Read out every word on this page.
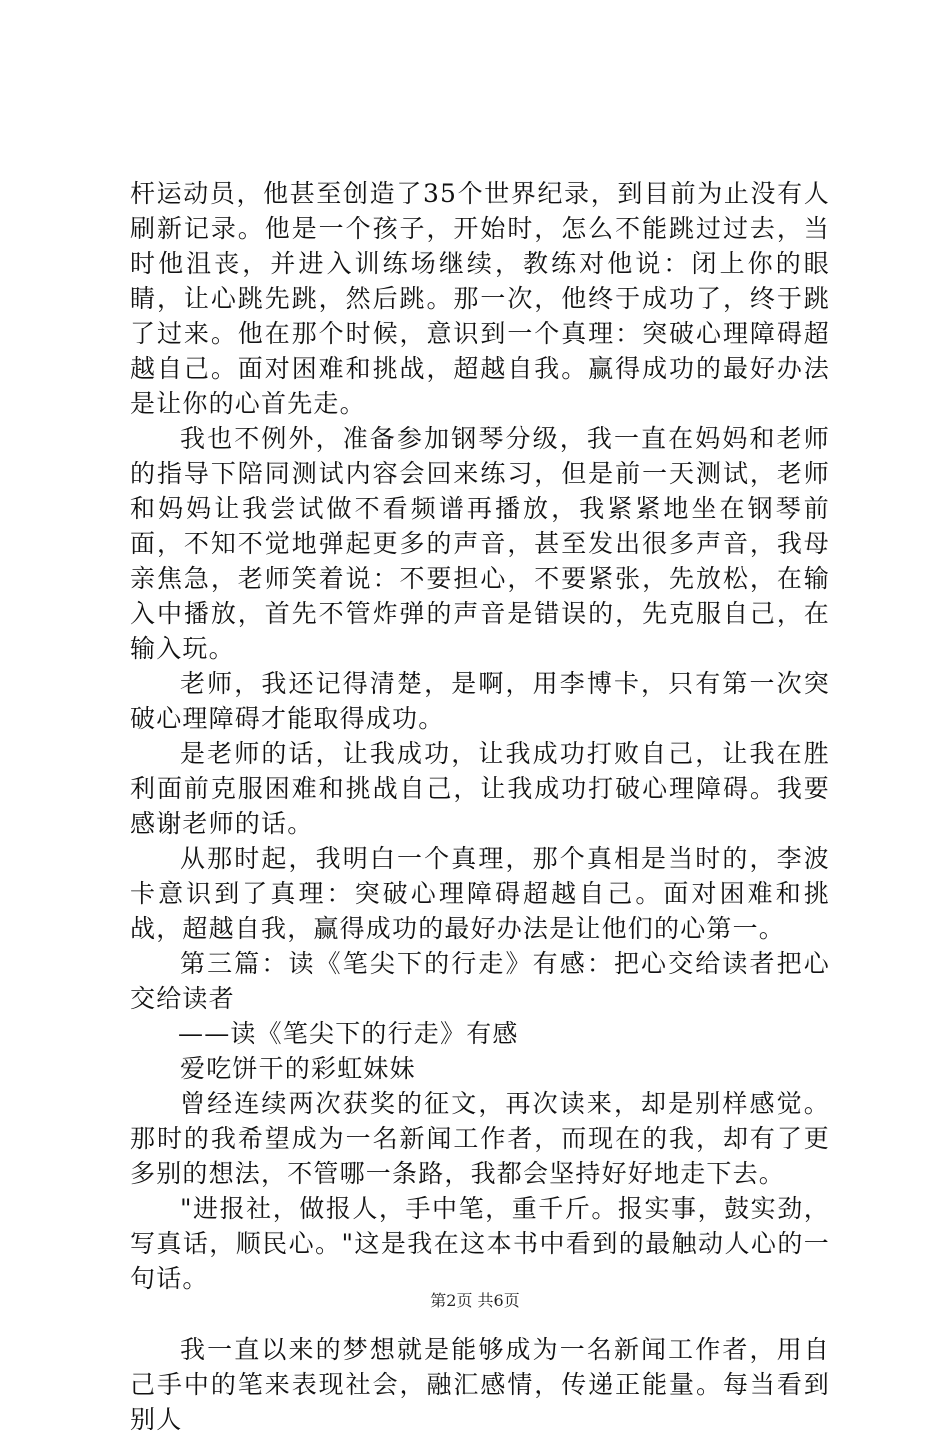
杆运动员，他甚至创造了35个世界纪录，到目前为止没有人刷新记录。他是一个孩子，开始时，怎么不能跳过过去，当时他沮丧，并进入训练场继续，教练对他说：闭上你的眼睛，让心跳先跳，然后跳。那一次，他终于成功了，终于跳了过来。他在那个时候，意识到一个真理：突破心理障碍超越自己。面对困难和挑战，超越自我。赢得成功的最好办法是让你的心首先走。

我也不例外，准备参加钢琴分级，我一直在妈妈和老师的指导下陪同测试内容会回来练习，但是前一天测试，老师和妈妈让我尝试做不看频谱再播放，我紧紧地坐在钢琴前面，不知不觉地弹起更多的声音，甚至发出很多声音，我母亲焦急，老师笑着说：不要担心，不要紧张，先放松，在输入中播放，首先不管炸弹的声音是错误的，先克服自己，在输入玩。

老师，我还记得清楚，是啊，用李博卡，只有第一次突破心理障碍才能取得成功。

是老师的话，让我成功，让我成功打败自己，让我在胜利面前克服困难和挑战自己，让我成功打破心理障碍。我要感谢老师的话。

从那时起，我明白一个真理，那个真相是当时的，李波卡意识到了真理：突破心理障碍超越自己。面对困难和挑战，超越自我，赢得成功的最好办法是让他们的心第一。

第三篇：读《笔尖下的行走》有感：把心交给读者把心交给读者

——读《笔尖下的行走》有感

爱吃饼干的彩虹妹妹

曾经连续两次获奖的征文，再次读来，却是别样感觉。那时的我希望成为一名新闻工作者，而现在的我，却有了更多别的想法，不管哪一条路，我都会坚持好好地走下去。

"进报社，做报人，手中笔，重千斤。报实事，鼓实劲，写真话，顺民心。"这是我在这本书中看到的最触动人心的一句话。

我一直以来的梦想就是能够成为一名新闻工作者，用自己手中的笔来表现社会，融汇感情，传递正能量。每当看到别人

第2页 共6页
